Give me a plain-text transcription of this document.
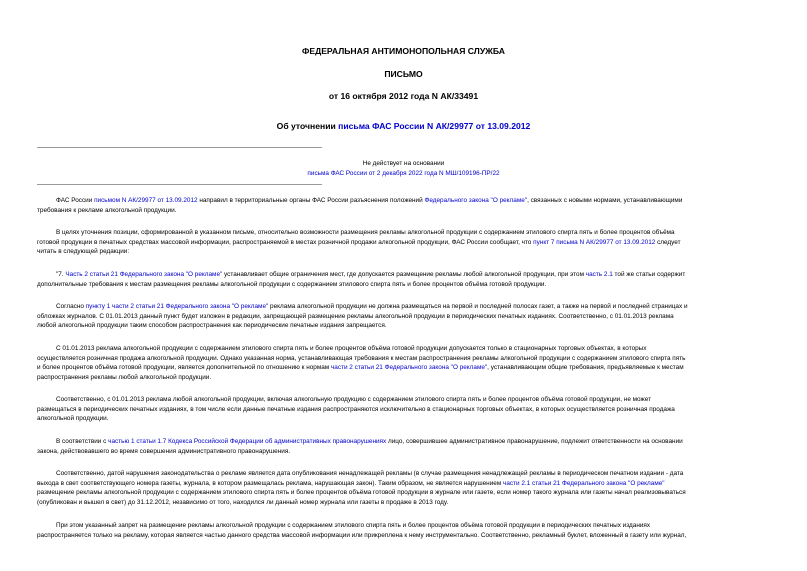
ФЕДЕРАЛЬНАЯ АНТИМОНОПОЛЬНАЯ СЛУЖБА
ПИСЬМО
от 16 октября 2012 года N АК/33491
Об уточнении письма ФАС России N АК/29977 от 13.09.2012
Не действует на основании
письма ФАС России от 2 декабря 2022 года N МШ/109196-ПР/22
ФАС России письмом N АК/29977 от 13.09.2012 направил в территориальные органы ФАС России разъяснения положений Федерального закона "О рекламе", связанных с новыми нормами, устанавливающими
требования к рекламе алкогольной продукции.
В целях уточнения позиции, сформированной в указанном письме, относительно возможности размещения рекламы алкогольной продукции с содержанием этилового спирта пять и более процентов объёма
готовой продукции в печатных средствах массовой информации, распространяемой в местах розничной продажи алкогольной продукции, ФАС России сообщает, что пункт 7 письма N АК/29977 от 13.09.2012 следует
читать в следующей редакции:
"7. Часть 2 статьи 21 Федерального закона "О рекламе" устанавливает общие ограничения мест, где допускается размещение рекламы любой алкогольной продукции, при этом часть 2.1 той же статьи содержит
дополнительные требования к местам размещения рекламы алкогольной продукции с содержанием этилового спирта пять и более процентов объёма готовой продукции.
Согласно пункту 1 части 2 статьи 21 Федерального закона "О рекламе" реклама алкогольной продукции не должна размещаться на первой и последней полосах газет, а также на первой и последней страницах и
обложках журналов. С 01.01.2013 данный пункт будет изложен в редакции, запрещающей размещение рекламы алкогольной продукции в периодических печатных изданиях. Соответственно, с 01.01.2013 реклама
любой алкогольной продукции таким способом распространения как периодические печатные издания запрещается.
С 01.01.2013 реклама алкогольной продукции с содержанием этилового спирта пять и более процентов объёма готовой продукции допускается только в стационарных торговых объектах, в которых
осуществляется розничная продажа алкогольной продукции. Однако указанная норма, устанавливающая требования к местам распространения рекламы алкогольной продукции с содержанием этилового спирта пять
и более процентов объёма готовой продукции, является дополнительной по отношению к нормам части 2 статьи 21 Федерального закона "О рекламе", устанавливающим общие требования, предъявляемые к местам
распространения рекламы любой алкогольной продукции.
Соответственно, с 01.01.2013 реклама любой алкогольной продукции, включая алкогольную продукцию с содержанием этилового спирта пять и более процентов объёма готовой продукции, не может
размещаться в периодических печатных изданиях, в том числе если данные печатные издания распространяются исключительно в стационарных торговых объектах, в которых осуществляется розничная продажа
алкогольной продукции.
В соответствии с частью 1 статьи 1.7 Кодекса Российской Федерации об административных правонарушениях лицо, совершившее административное правонарушение, подлежит ответственности на основании
закона, действовавшего во время совершения административного правонарушения.
Соответственно, датой нарушения законодательства о рекламе является дата опубликования ненадлежащей рекламы (в случае размещения ненадлежащей рекламы в периодическом печатном издании - дата
выхода в свет соответствующего номера газеты, журнала, в котором размещалась реклама, нарушающая закон). Таким образом, не является нарушением части 2.1 статьи 21 Федерального закона "О рекламе"
размещение рекламы алкогольной продукции с содержанием этилового спирта пять и более процентов объёма готовой продукции в журнале или газете, если номер такого журнала или газеты начал реализовываться
(опубликован и вышел в свет) до 31.12.2012, независимо от того, находился ли данный номер журнала или газеты в продаже в 2013 году.
При этом указанный запрет на размещение рекламы алкогольной продукции с содержанием этилового спирта пять и более процентов объёма готовой продукции в периодических печатных изданиях
распространяется только на рекламу, которая является частью данного средства массовой информации или прикреплена к нему инструментально. Соответственно, рекламный буклет, вложенный в газету или журнал,
